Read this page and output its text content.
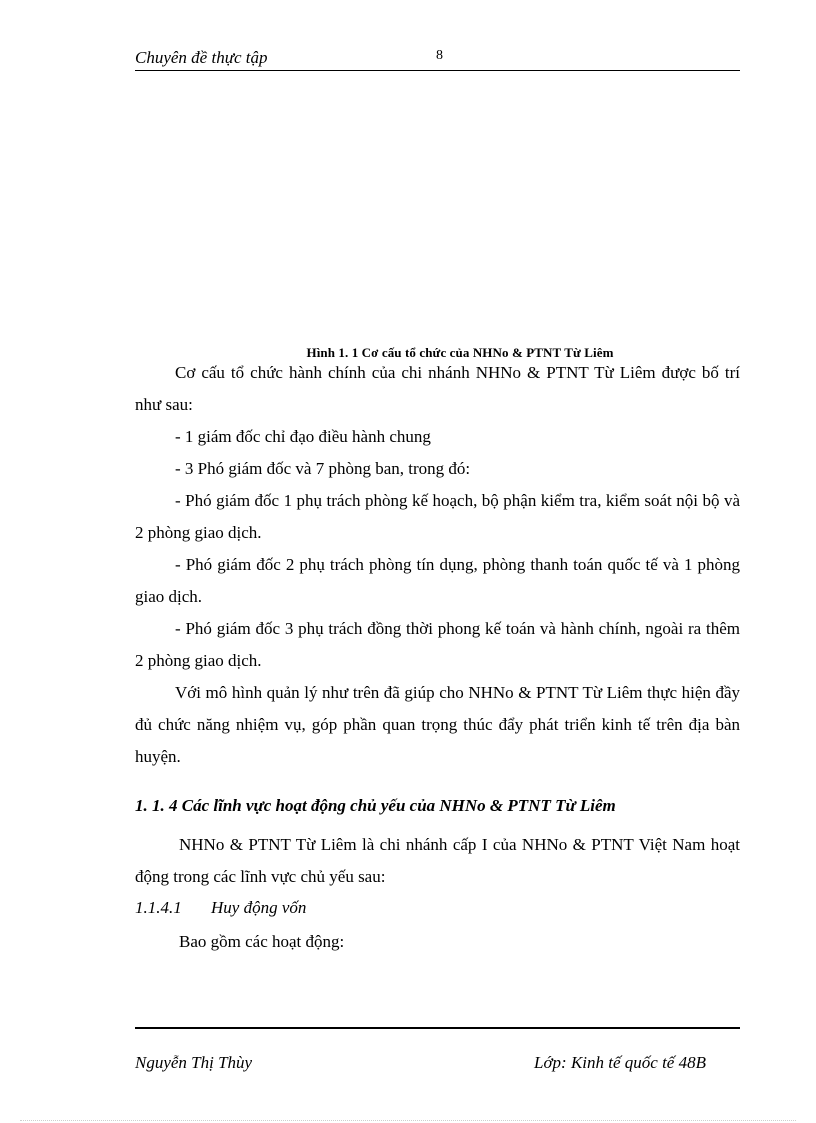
Chuyên đề thực tập	8
Hình 1. 1 Cơ cấu tổ chức của NHNo & PTNT Từ Liêm

Cơ cấu tổ chức hành chính của chi nhánh NHNo & PTNT Từ Liêm được bố trí như sau:

- 1 giám đốc chỉ đạo điều hành chung

- 3 Phó giám đốc và 7 phòng ban, trong đó:

- Phó giám đốc 1 phụ trách phòng kế hoạch, bộ phận kiểm tra, kiểm soát nội bộ và 2 phòng giao dịch.

- Phó giám đốc 2 phụ trách phòng tín dụng, phòng thanh toán quốc tế và 1 phòng giao dịch.

- Phó giám đốc 3 phụ trách đồng thời phong kế toán và hành chính, ngoài ra thêm 2 phòng giao dịch.

Với mô hình quản lý như trên đã giúp cho NHNo & PTNT Từ Liêm thực hiện đầy đủ chức năng nhiệm vụ, góp phần quan trọng thúc đẩy phát triển kinh tế trên địa bàn huyện.

1. 1. 4 Các lĩnh vực hoạt động chủ yếu của NHNo & PTNT Từ Liêm

NHNo & PTNT Từ Liêm là chi nhánh cấp I của NHNo & PTNT Việt Nam hoạt động trong các lĩnh vực chủ yếu sau:

1.1.4.1 Huy động vốn

Bao gồm các hoạt động:

Nguyễn Thị Thùy	Lớp: Kinh tế quốc tế 48B
